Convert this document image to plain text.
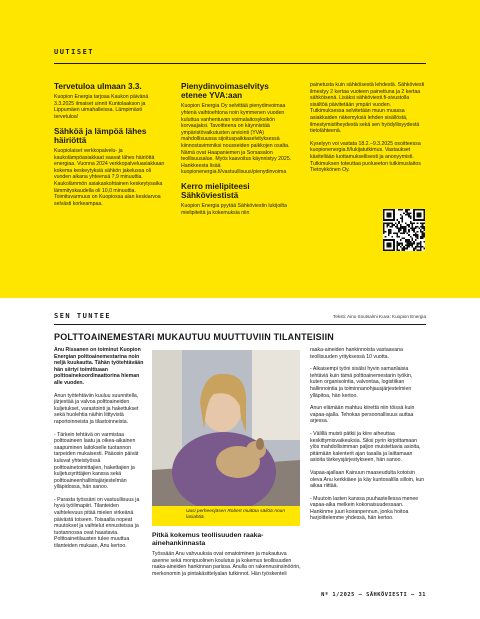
UUTISET
Tervetuloa ulmaan 3.3.

Kuopion Energia tarjoaa Kaukon päivänä 3.3.2025 ilmaiset uinnit Kuntolaakson ja Lippumäen uimahalleissa. Lämpimästi tervetuloa!

Sähköä ja lämpöä lähes häiriöttä

Kuopiolaiset verkkopalvelu- ja kaukolämpöasiakkaat saavat lähes häiriöttä energiaa. Vuonna 2024 verkkopalveluasiakkaan kokema keskeytyksiä sähkön jakelussa oli vuoden aikana yhteensä 7,9 minuuttia. Kaukolämmön asiakaskohtainen keskeytysaika lämmityskaudella oli 10,0 minuuttia. Toimituvarmuus on Kuopiossa alan keskiarvoa selvästi korkeampaa.

Pienydinvoimaselvitys etenee YVA:aan

Kuopion Energia Oy selvittää pienydinvoimaa yhtenä vaihtoehtona noin kymmenen vuoden kuluttua vanhentuvan voimalaitosyksikön korvaajaksi. Tavoitteena on käynnistää ympäristövaikutusten arviointi (YVA) mahdollisuussa sijoituspaikkaselvityksessä kiinnostavimmiksi nousseiden paikkojen osalta. Nämä ovat Haapaniemen ja Sorsasalon teollisuusalue. Myös kaavoitus käynnistyy 2025. Hankkeesta lisää kuopionenergia.fi/vastuullisuus/pienydinvoima

Kerro mielipiteesi Sähköviestistä

Kuopion Energia pyytää Sähköviestin lukijoilta mielipiteitä ja kokemuksia niin

painetusta kuin sähköisestä lehdestä. Sähköviesti ilmestyy 2 kertaa vuoteen painettuna ja 2 kertaa sähköisenä. Lisäksi sähköviesti.fi-sivustolla sisältöä päivitetään ympäri vuoden. Tutkimuksessa selvitetään muun muassa asiakkaiden näkemyksiä lehden sisällöstä, ilmestymistiheydestä sekä sen hyödyllisyydestä tietolähteenä.

Kyselyyn voi vastata 18.2.–9.3.2025 osoitteessa kuopionenergia.fi/lukijatutkimus. Vastaukset käsitellään luottamuksellisesti ja anonyymisti. Tutkimuksen toteuttaa puolueeton tutkimuslaitos Tietoykkönen Oy.

SEN TUNTEE	Teksti: Aino Soutsalmi Kuva: Kuopion Energia
POLTTOAINEMESTARI MUKAUTUU MUUTTUVIIN TILANTEISIIN

Anu Rissanen on toiminut Kuopion Energian polttoainemestarina noin neljä kuukautta. Tähän työtehtävään hän siirtyi toimittuaan polttoainekoordinaattorina hieman alle vuoden.

Anun työtehtäviin kuuluu suunnitella, järjestää ja valvoa polttoaineiden kuljetukset, varastointi ja hakettukset sekä huolehtia näihin liittyvistä raportoinneista ja tilastoinneista.

- Tärkein tehtävä on varmistaa polttoaineen laatu ja oikea-aikainen saapuminen laitokselle tuotannon tarpeiden mukaisesti. Pääosin päivät kuluvat yhteistyössä polttoainetoimittajien, hakettajien ja kuljetusyrittäjien kanssa sekä polttoaineenhallintajärjestelmän ylläpidossa, hän sanoo.

- Parasta työssäni on vastuullisuus ja hyvä työilmapiiri. Tilanteiden vaihtelevuus pitää mielen virkeänä päivästä toiseen. Toisaalta nopeat muutokset ja vaihtelut ennusteissa ja tuotannossa ovat haastavia. Polttoainetilausten tulee muuttua tilanteiden mukaan, Anu kertoo.

Uusi perheenjäsen Robert muittaa säilöä Anun lasiahtiä.
Pitkä kokemus teollisuuden raaka-ainehankinnasta

Työssään Anu vahvuuksia ovat omatoiminen ja mukautuva asenne sekä monipuolinen koulutus ja kokemus teollisuuden raaka-aineiden hankinnan parissa. Anulla on rakennusinsinöörin, merkonomin ja pintakäsittelyalan tutkinnot. Hän työskenteli

raaka-aineiden hankinnoista vastaavana teollisuuden yrityksessä 10 vuotta.

- Aikaisempi työni sisälsi hyvin samanlaisia tehtäviä kuin tämä polttoainemestarin työkin, kuten organisointia, valvontaa, logistiikan hallinnointia ja toiminnanohjausjärjestelmien ylläpitoa, hän kertoo.

Anun elämään mahtuu kiirettä niin töissä kuin vapaa-ajalla. Tehokas persoonallisuus auttaa arjessa.

- Välillä muisti pätkii ja kiire aiheuttaa keskittymisvaikeuksia. Siksi pyrin kirjoittamaan ylös mahdollisimman paljon muistettavia asioita, pitämään kalenterit ajan tasalla ja laittamaan asioita tärkeysjärjestykseen, hän sanoo.

Vapaa-ajallaan Kainuun maaseudulta kotoisin oleva Anu kerkkiäee ja käy kuntosalilla silloin, kun aikaa riittää.

- Muutoin lasten kanssa puuhastellessa menee vapaa-aika melkein kokonaisuudessaan. Hankinme juuri koiranpennun, jonka hoitoa harjoittelemme yhdessä, hän kertoo.

Nº 1/2025 – SÄHKÖVIESTI – 31
